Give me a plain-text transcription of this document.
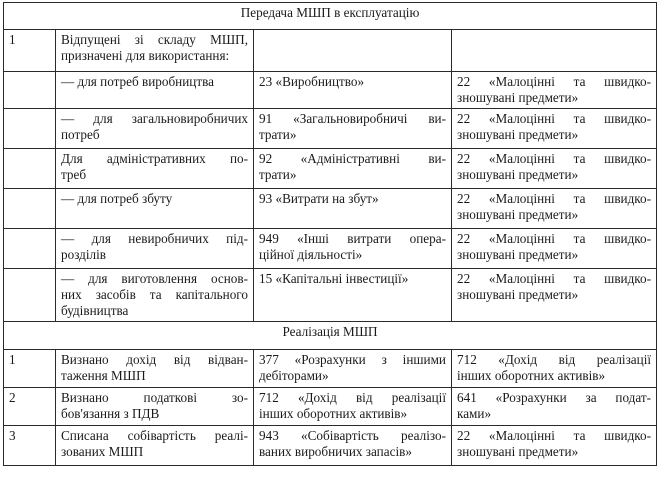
Передача МШП в експлуатацію			
1	Відпущені зі складу МШП,
призначені для використання:		

	— для потреб виробництва	23 «Виробництво»	22 «Малоцінні та швидко-
зношувані предмети»

	— для загальновиробничих
потреб	91 «Загальновиробничі ви-
трати»	22 «Малоцінні та швидко-
зношувані предмети»

	Для адміністративних по-
треб	92 «Адміністративні ви-
трати»	22 «Малоцінні та швидко-
зношувані предмети»

	— для потреб збуту	93 «Витрати на збут»	22 «Малоцінні та швидко-
зношувані предмети»

	— для невиробничих під-
розділів	949 «Інші витрати опера-
ційної діяльності»	22 «Малоцінні та швидко-
зношувані предмети»

	— для виготовлення основ-
них засобів та капітального
будівництва	15 «Капітальні інвестиції»	22 «Малоцінні та швидко-
зношувані предмети»

Реалізація МШП			
1	Визнано дохід від відван-
таження МШП	377 «Розрахунки з іншими
дебіторами»	712 «Дохід від реалізації
інших оборотних активів»

2	Визнано податкові зо-
бов'язання з ПДВ	712 «Дохід від реалізації
інших оборотних активів»	641 «Розрахунки за подат-
ками»

3	Списана собівартість реалі-
зованих МШП	943 «Собівартість реалізо-
ваних виробничих запасів»	22 «Малоцінні та швидко-
зношувані предмети»
